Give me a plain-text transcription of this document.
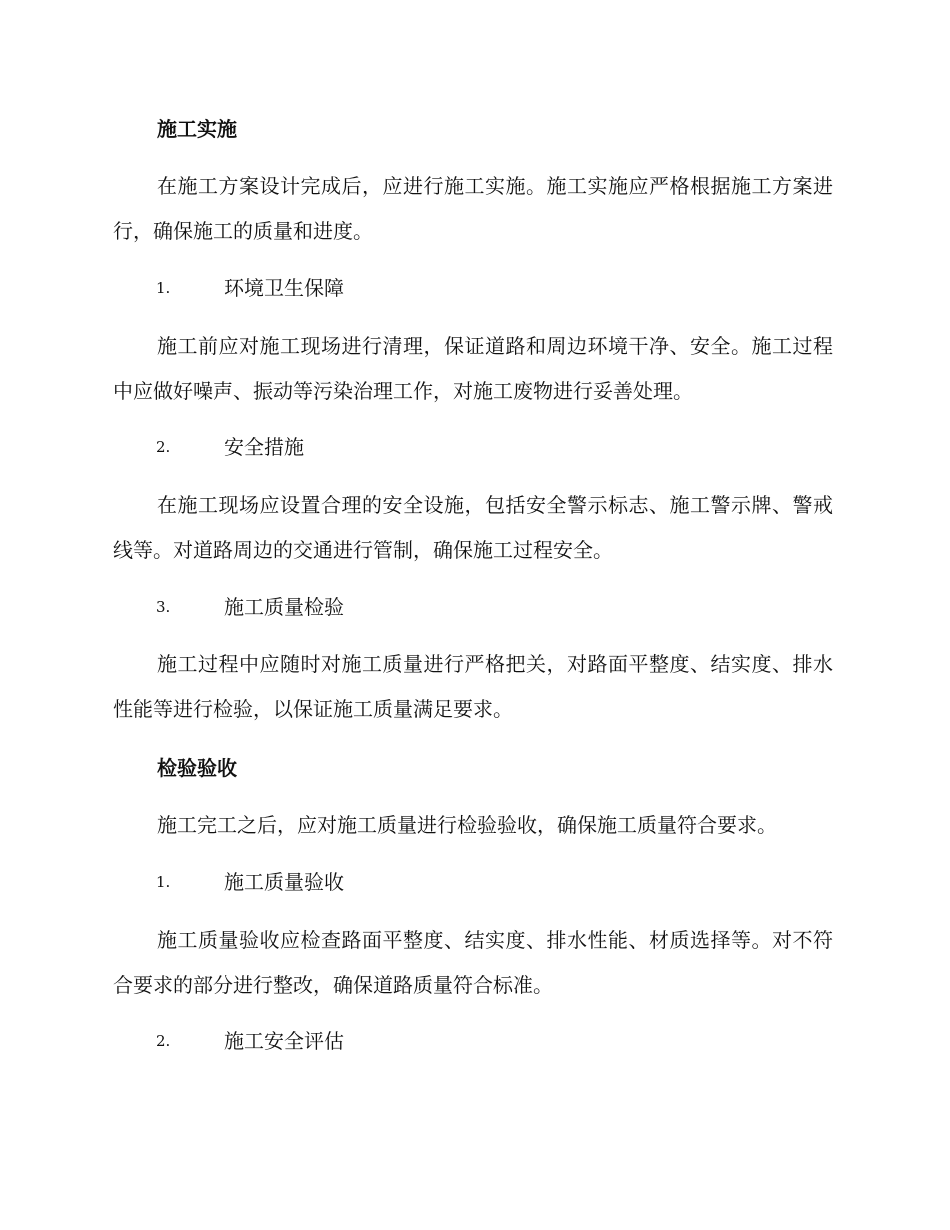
施工实施

在施工方案设计完成后，应进行施工实施。施工实施应严格根据施工方案进行，确保施工的质量和进度。

1.	环境卫生保障

施工前应对施工现场进行清理，保证道路和周边环境干净、安全。施工过程中应做好噪声、振动等污染治理工作，对施工废物进行妥善处理。

2.	安全措施

在施工现场应设置合理的安全设施，包括安全警示标志、施工警示牌、警戒线等。对道路周边的交通进行管制，确保施工过程安全。

3.	施工质量检验

施工过程中应随时对施工质量进行严格把关，对路面平整度、结实度、排水性能等进行检验，以保证施工质量满足要求。

检验验收

施工完工之后，应对施工质量进行检验验收，确保施工质量符合要求。

1.	施工质量验收

施工质量验收应检查路面平整度、结实度、排水性能、材质选择等。对不符合要求的部分进行整改，确保道路质量符合标准。

2.	施工安全评估
